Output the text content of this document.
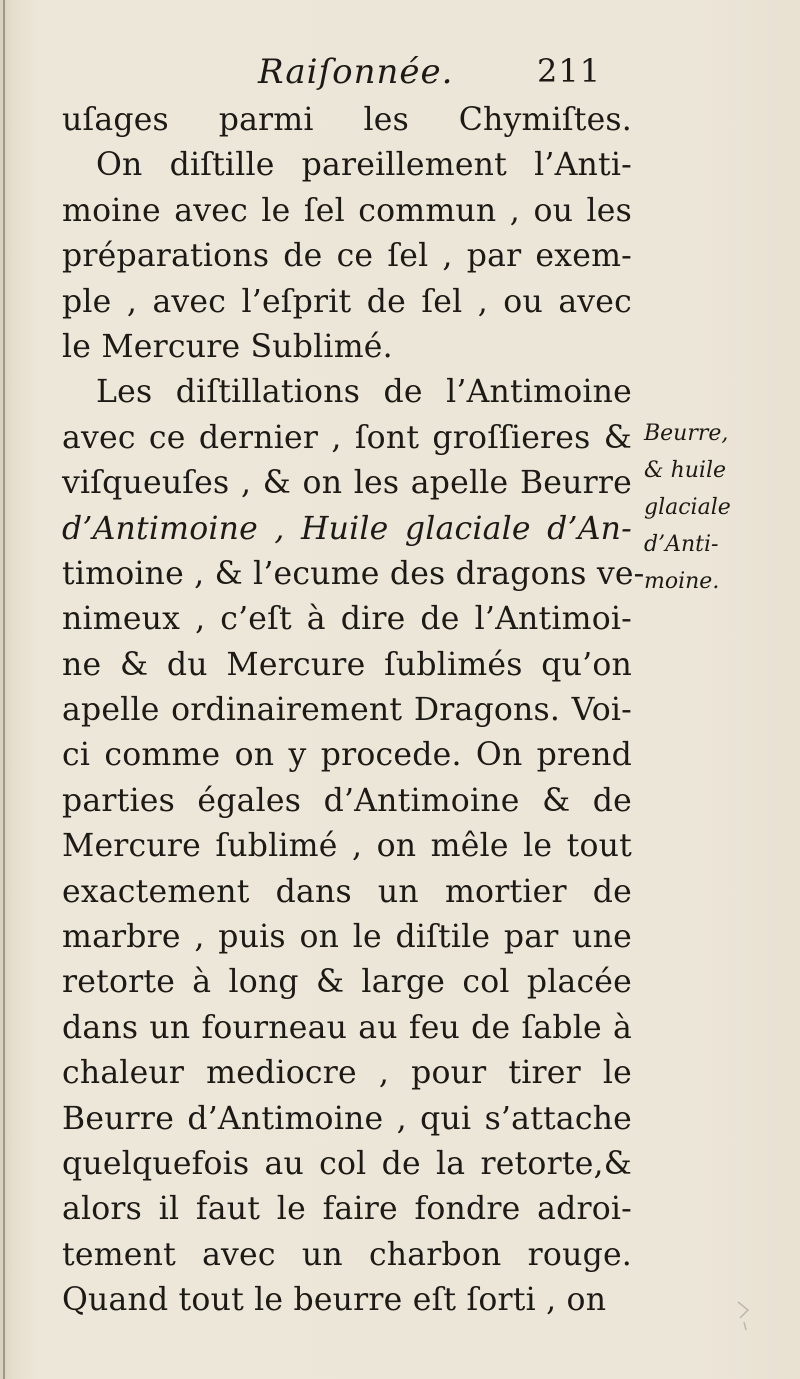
Raiſonnée.	211
uſages parmi les Chymiſtes.
On diſtille pareillement l’Anti-
moine avec le ſel commun , ou les
préparations de ce ſel , par exem-
ple , avec l’eſprit de ſel , ou avec
le Mercure Sublimé.
Les diſtillations de l’Antimoine
avec ce dernier , ſont groſſieres &
viſqueuſes , & on les apelle Beurre
d’Antimoine , Huile glaciale d’An-
timoine , & l’ecume des dragons ve-
nimeux , c’eſt à dire de l’Antimoi-
ne & du Mercure ſublimés qu’on
apelle ordinairement Dragons. Voi-
ci comme on y procede. On prend
parties égales d’Antimoine & de
Mercure ſublimé , on mêle le tout
exactement dans un mortier de
marbre , puis on le diſtile par une
retorte à long & large col placée
dans un fourneau au feu de ſable à
chaleur mediocre , pour tirer le
Beurre d’Antimoine , qui s’attache
quelquefois au col de la retorte,&
alors il faut le faire fondre adroi-
tement avec un charbon rouge.
Quand tout le beurre eſt ſorti , on
Beurre,
& huile
glaciale
d’Anti-
moine.
